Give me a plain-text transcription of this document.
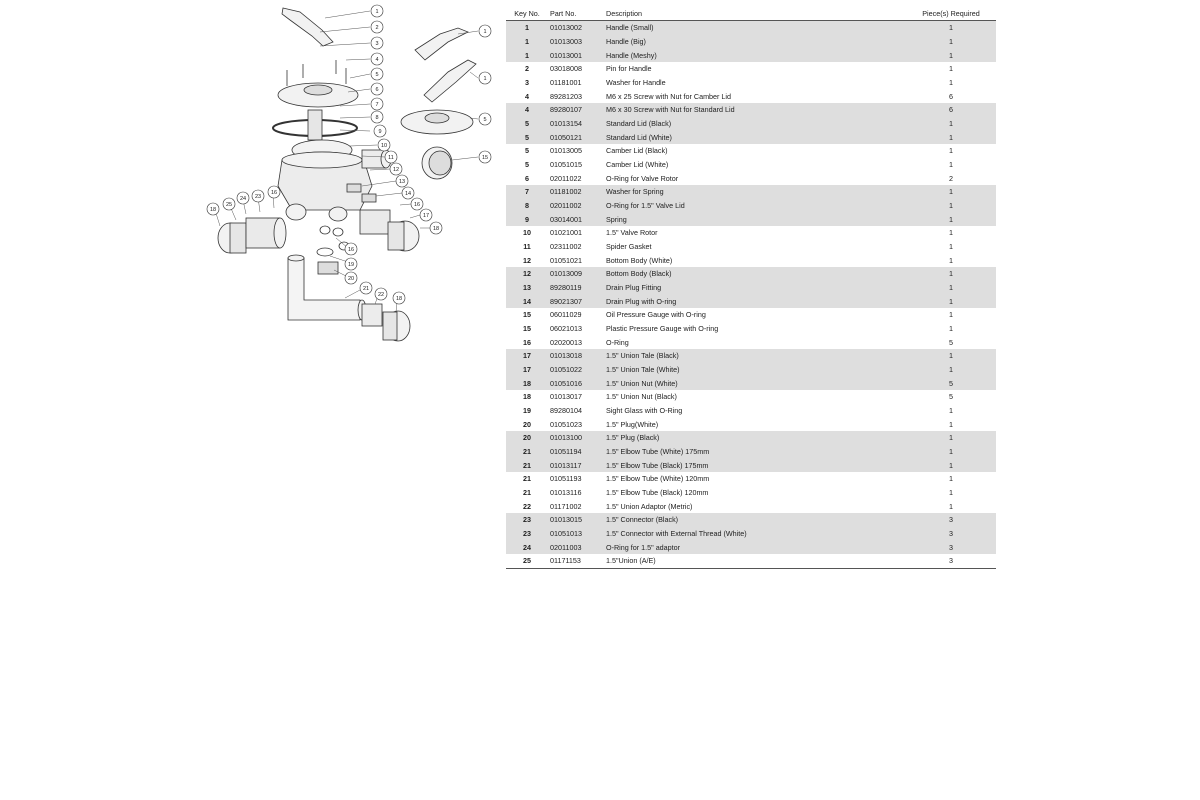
1
2
3
4
5
6
7
8
9
10
11
12
13
14
16
17
18
1
1
5
15
18
25
24 23
16
16
19
20
21
22
18
Key No.	Part No.	Description	Piece(s) Required
1	01013002	Handle (Small)	1
1	01013003	Handle (Big)	1
1	01013001	Handle (Meshy)	1
2	03018008	Pin for Handle	1
3	01181001	Washer for Handle	1
4	89281203	M6 x 25 Screw with Nut for Camber Lid	6
4	89280107	M6 x 30 Screw with Nut for Standard Lid	6
5	01013154	Standard Lid (Black)	1
5	01050121	Standard Lid (White)	1
5	01013005	Camber Lid (Black)	1
5	01051015	Camber Lid (White)	1
6	02011022	O-Ring for Valve Rotor	2
7	01181002	Washer for Spring	1
8	02011002	O-Ring for 1.5" Valve Lid	1
9	03014001	Spring	1
10	01021001	1.5" Valve Rotor	1
11	02311002	Spider Gasket	1
12	01051021	Bottom Body (White)	1
12	01013009	Bottom Body (Black)	1
13	89280119	Drain Plug Fitting	1
14	89021307	Drain Plug with O-ring	1
15	06011029	Oil Pressure Gauge with O-ring	1
15	06021013	Plastic Pressure Gauge with O-ring	1
16	02020013	O-Ring	5
17	01013018	1.5" Union Tale (Black)	1
17	01051022	1.5" Union Tale (White)	1
18	01051016	1.5" Union Nut (White)	5
18	01013017	1.5" Union Nut (Black)	5
19	89280104	Sight Glass with O-Ring	1
20	01051023	1.5" Plug(White)	1
20	01013100	1.5" Plug (Black)	1
21	01051194	1.5" Elbow Tube (White) 175mm	1
21	01013117	1.5" Elbow Tube (Black) 175mm	1
21	01051193	1.5" Elbow Tube (White) 120mm	1
21	01013116	1.5" Elbow Tube (Black) 120mm	1
22	01171002	1.5" Union Adaptor (Metric)	1
23	01013015	1.5" Connector (Black)	3
23	01051013	1.5" Connector with External Thread (White)	3
24	02011003	O-Ring for 1.5" adaptor	3
25	01171153	1.5"Union (A/E)	3
